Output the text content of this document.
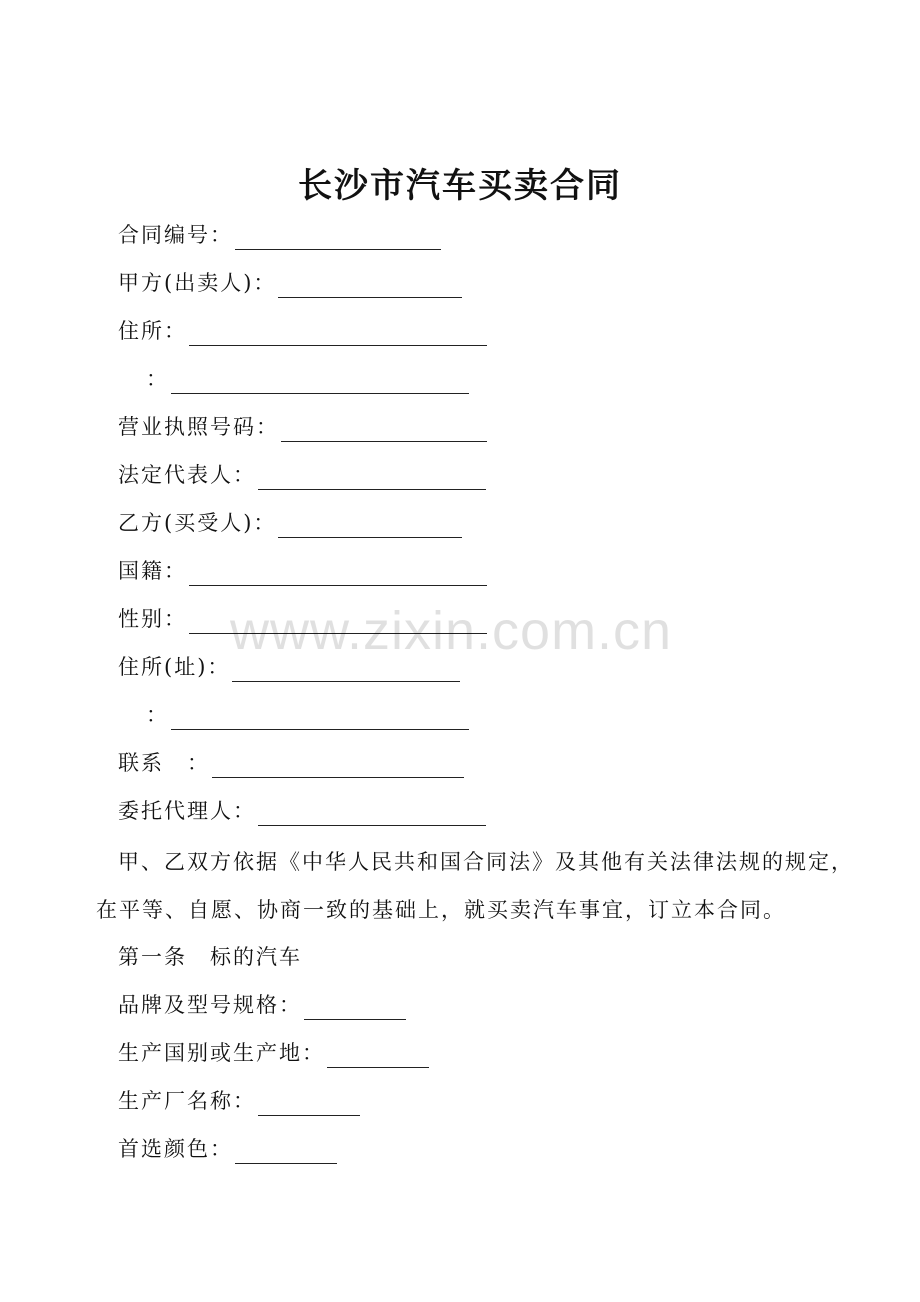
长沙市汽车买卖合同
合同编号：
甲方(出卖人)：
住所：
：
营业执照号码：
法定代表人：
乙方(买受人)：
国籍：
性别：
住所(址)：
：
联系　：
委托代理人：

甲、乙双方依据《中华人民共和国合同法》及其他有关法律法规的规定，在平等、自愿、协商一致的基础上，就买卖汽车事宜，订立本合同。

第一条　标的汽车
品牌及型号规格：
生产国别或生产地：
生产厂名称：
首选颜色：
www.zixin.com.cn
